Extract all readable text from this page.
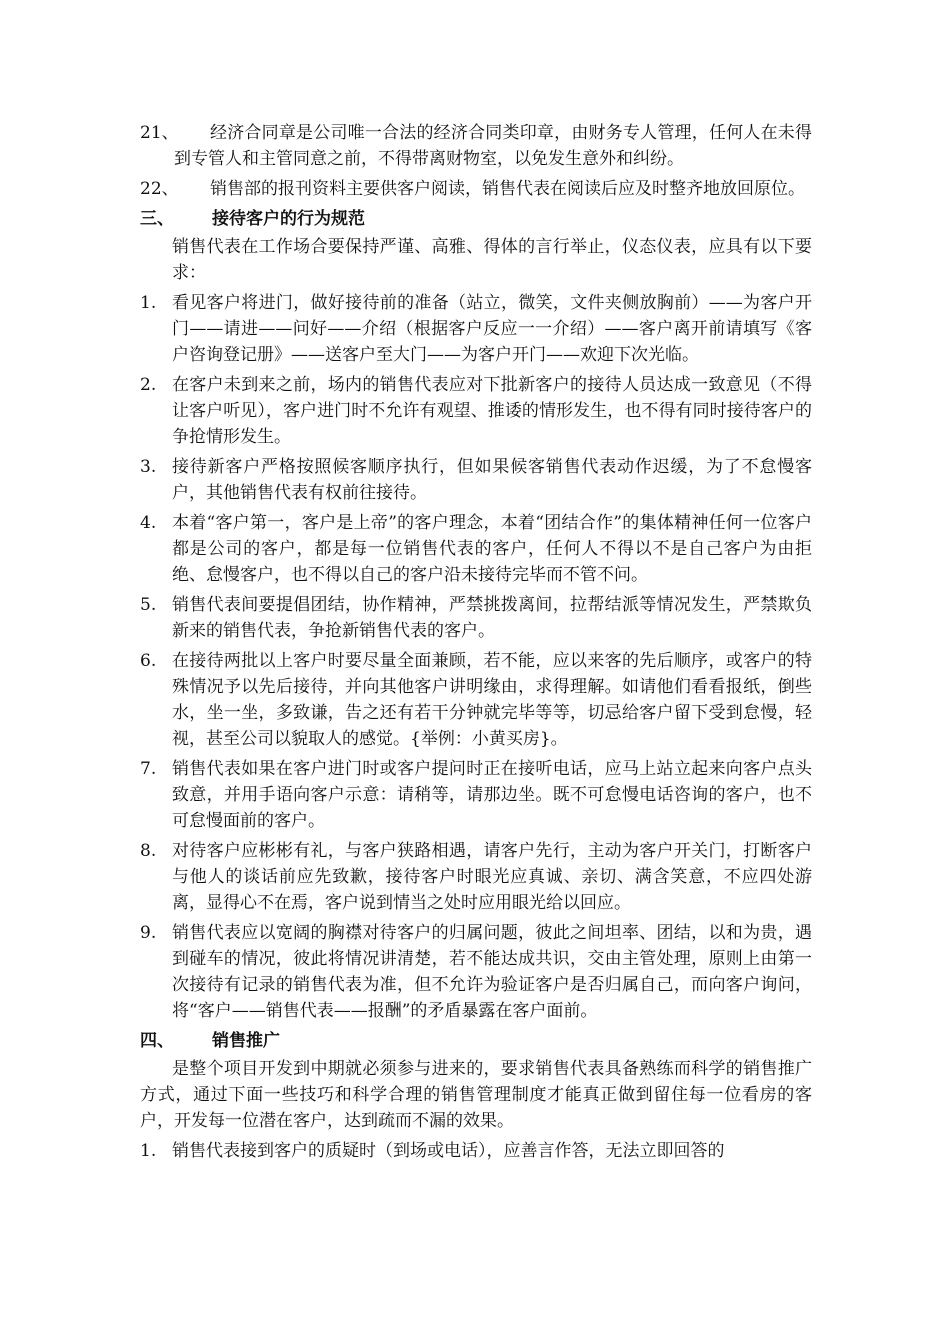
21、	经济合同章是公司唯一合法的经济合同类印章，由财务专人管理，任何人在未得到专管人和主管同意之前，不得带离财物室，以免发生意外和纠纷。
22、	销售部的报刊资料主要供客户阅读，销售代表在阅读后应及时整齐地放回原位。
三、 接待客户的行为规范
销售代表在工作场合要保持严谨、高雅、得体的言行举止，仪态仪表，应具有以下要求：
1. 看见客户将进门，做好接待前的准备（站立，微笑，文件夹侧放胸前）——为客户开门——请进——问好——介绍（根据客户反应一一介绍）——客户离开前请填写《客户咨询登记册》——送客户至大门——为客户开门——欢迎下次光临。
2. 在客户未到来之前，场内的销售代表应对下批新客户的接待人员达成一致意见（不得让客户听见），客户进门时不允许有观望、推诿的情形发生，也不得有同时接待客户的争抢情形发生。
3. 接待新客户严格按照候客顺序执行，但如果候客销售代表动作迟缓，为了不怠慢客户，其他销售代表有权前往接待。
4. 本着“客户第一，客户是上帝”的客户理念，本着“团结合作”的集体精神任何一位客户都是公司的客户，都是每一位销售代表的客户，任何人不得以不是自己客户为由拒绝、怠慢客户，也不得以自己的客户沿未接待完毕而不管不问。
5. 销售代表间要提倡团结，协作精神，严禁挑拨离间，拉帮结派等情况发生，严禁欺负新来的销售代表，争抢新销售代表的客户。
6. 在接待两批以上客户时要尽量全面兼顾，若不能，应以来客的先后顺序，或客户的特殊情况予以先后接待，并向其他客户讲明缘由，求得理解。如请他们看看报纸，倒些水，坐一坐，多致谦，告之还有若干分钟就完毕等等，切忌给客户留下受到怠慢，轻视，甚至公司以貌取人的感觉。{举例：小黄买房}。
7. 销售代表如果在客户进门时或客户提问时正在接听电话，应马上站立起来向客户点头致意，并用手语向客户示意：请稍等，请那边坐。既不可怠慢电话咨询的客户，也不可怠慢面前的客户。
8. 对待客户应彬彬有礼，与客户狭路相遇，请客户先行，主动为客户开关门，打断客户与他人的谈话前应先致歉，接待客户时眼光应真诚、亲切、满含笑意，不应四处游离，显得心不在焉，客户说到情当之处时应用眼光给以回应。
9. 销售代表应以宽阔的胸襟对待客户的归属问题，彼此之间坦率、团结，以和为贵，遇到碰车的情况，彼此将情况讲清楚，若不能达成共识，交由主管处理，原则上由第一次接待有记录的销售代表为准，但不允许为验证客户是否归属自己，而向客户询问，将“客户——销售代表——报酬”的矛盾暴露在客户面前。
四、 销售推广
是整个项目开发到中期就必须参与进来的，要求销售代表具备熟练而科学的销售推广方式，通过下面一些技巧和科学合理的销售管理制度才能真正做到留住每一位看房的客户，开发每一位潜在客户，达到疏而不漏的效果。
1. 销售代表接到客户的质疑时（到场或电话），应善言作答，无法立即回答的
